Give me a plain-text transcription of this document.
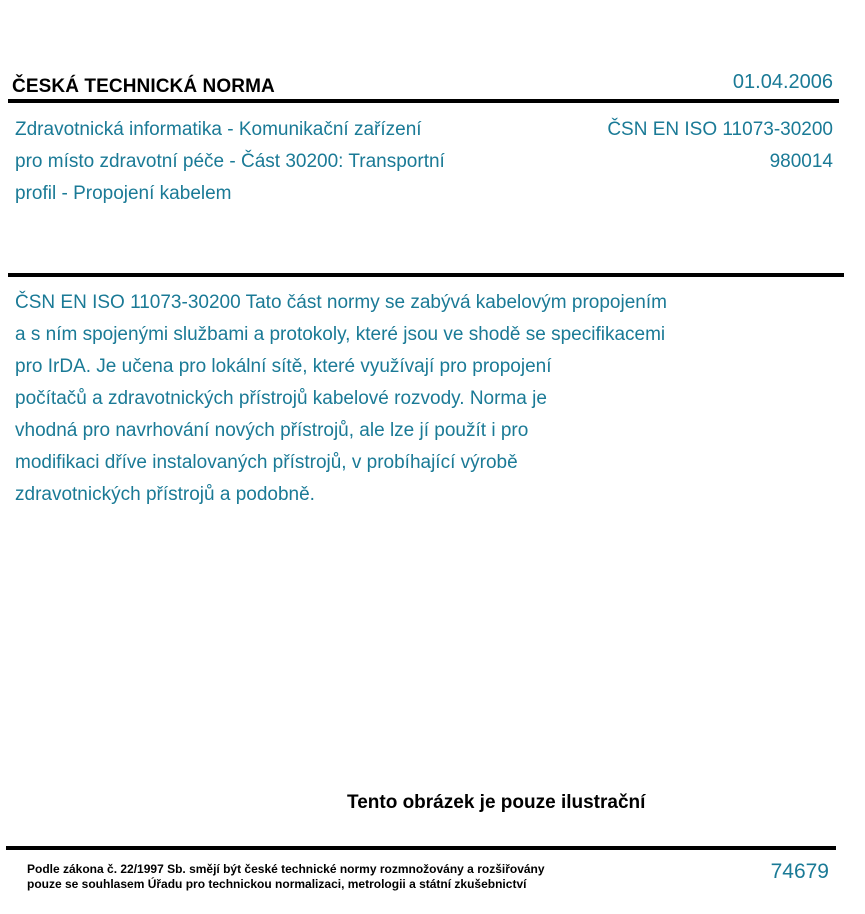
ČESKÁ TECHNICKÁ NORMA	01.04.2006
Zdravotnická informatika - Komunikační zařízení
pro místo zdravotní péče - Část 30200: Transportní
profil - Propojení kabelem
ČSN EN ISO 11073-30200
980014
ČSN EN ISO 11073-30200 Tato část normy se zabývá kabelovým propojením
a s ním spojenými službami a protokoly, které jsou ve shodě se specifikacemi
pro IrDA. Je učena pro lokální sítě, které využívají pro propojení
počítačů a zdravotnických přístrojů kabelové rozvody. Norma je
vhodná pro navrhování nových přístrojů, ale lze jí použít i pro
modifikaci dříve instalovaných přístrojů, v probíhající výrobě
zdravotnických přístrojů a podobně.
Tento obrázek je pouze ilustrační
Podle zákona č. 22/1997 Sb. smějí být české technické normy rozmnožovány a rozšiřovány
pouze se souhlasem Úřadu pro technickou normalizaci, metrologii a státní zkušebnictví
74679
